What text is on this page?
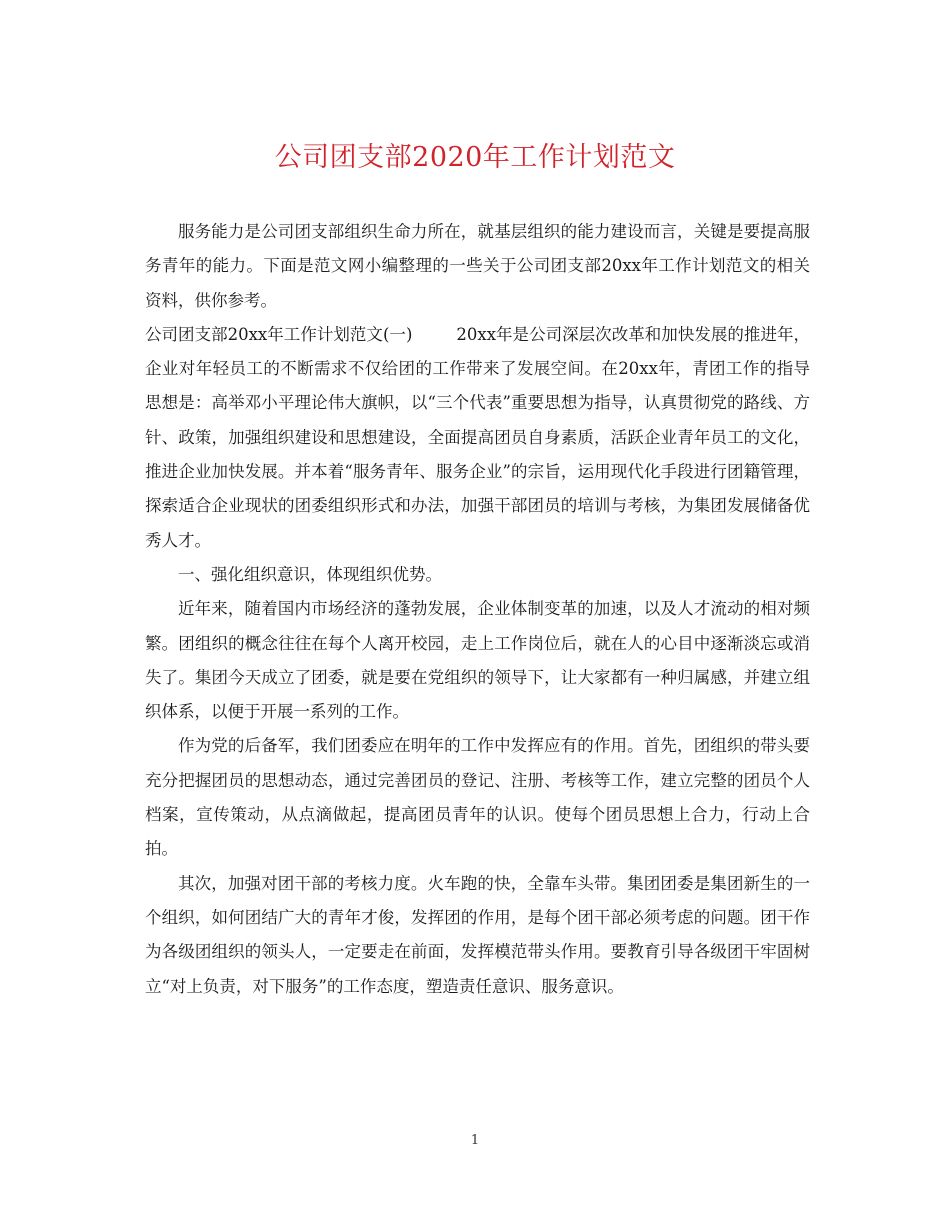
公司团支部2020年工作计划范文

服务能力是公司团支部组织生命力所在，就基层组织的能力建设而言，关键是要提高服务青年的能力。下面是范文网小编整理的一些关于公司团支部20xx年工作计划范文的相关资料，供你参考。

公司团支部20xx年工作计划范文(一)	20xx年是公司深层次改革和加快发展的推进年，企业对年轻员工的不断需求不仅给团的工作带来了发展空间。在20xx年，青团工作的指导思想是：高举邓小平理论伟大旗帜，以“三个代表”重要思想为指导，认真贯彻党的路线、方针、政策，加强组织建设和思想建设，全面提高团员自身素质，活跃企业青年员工的文化，推进企业加快发展。并本着“服务青年、服务企业”的宗旨，运用现代化手段进行团籍管理，探索适合企业现状的团委组织形式和办法，加强干部团员的培训与考核，为集团发展储备优秀人才。

一、强化组织意识，体现组织优势。

近年来，随着国内市场经济的蓬勃发展，企业体制变革的加速，以及人才流动的相对频繁。团组织的概念往往在每个人离开校园，走上工作岗位后，就在人的心目中逐渐淡忘或消失了。集团今天成立了团委，就是要在党组织的领导下，让大家都有一种归属感，并建立组织体系，以便于开展一系列的工作。

作为党的后备军，我们团委应在明年的工作中发挥应有的作用。首先，团组织的带头要充分把握团员的思想动态，通过完善团员的登记、注册、考核等工作，建立完整的团员个人档案，宣传策动，从点滴做起，提高团员青年的认识。使每个团员思想上合力，行动上合拍。

其次，加强对团干部的考核力度。火车跑的快，全靠车头带。集团团委是集团新生的一个组织，如何团结广大的青年才俊，发挥团的作用，是每个团干部必须考虑的问题。团干作为各级团组织的领头人，一定要走在前面，发挥模范带头作用。要教育引导各级团干牢固树立“对上负责，对下服务”的工作态度，塑造责任意识、服务意识。

1
